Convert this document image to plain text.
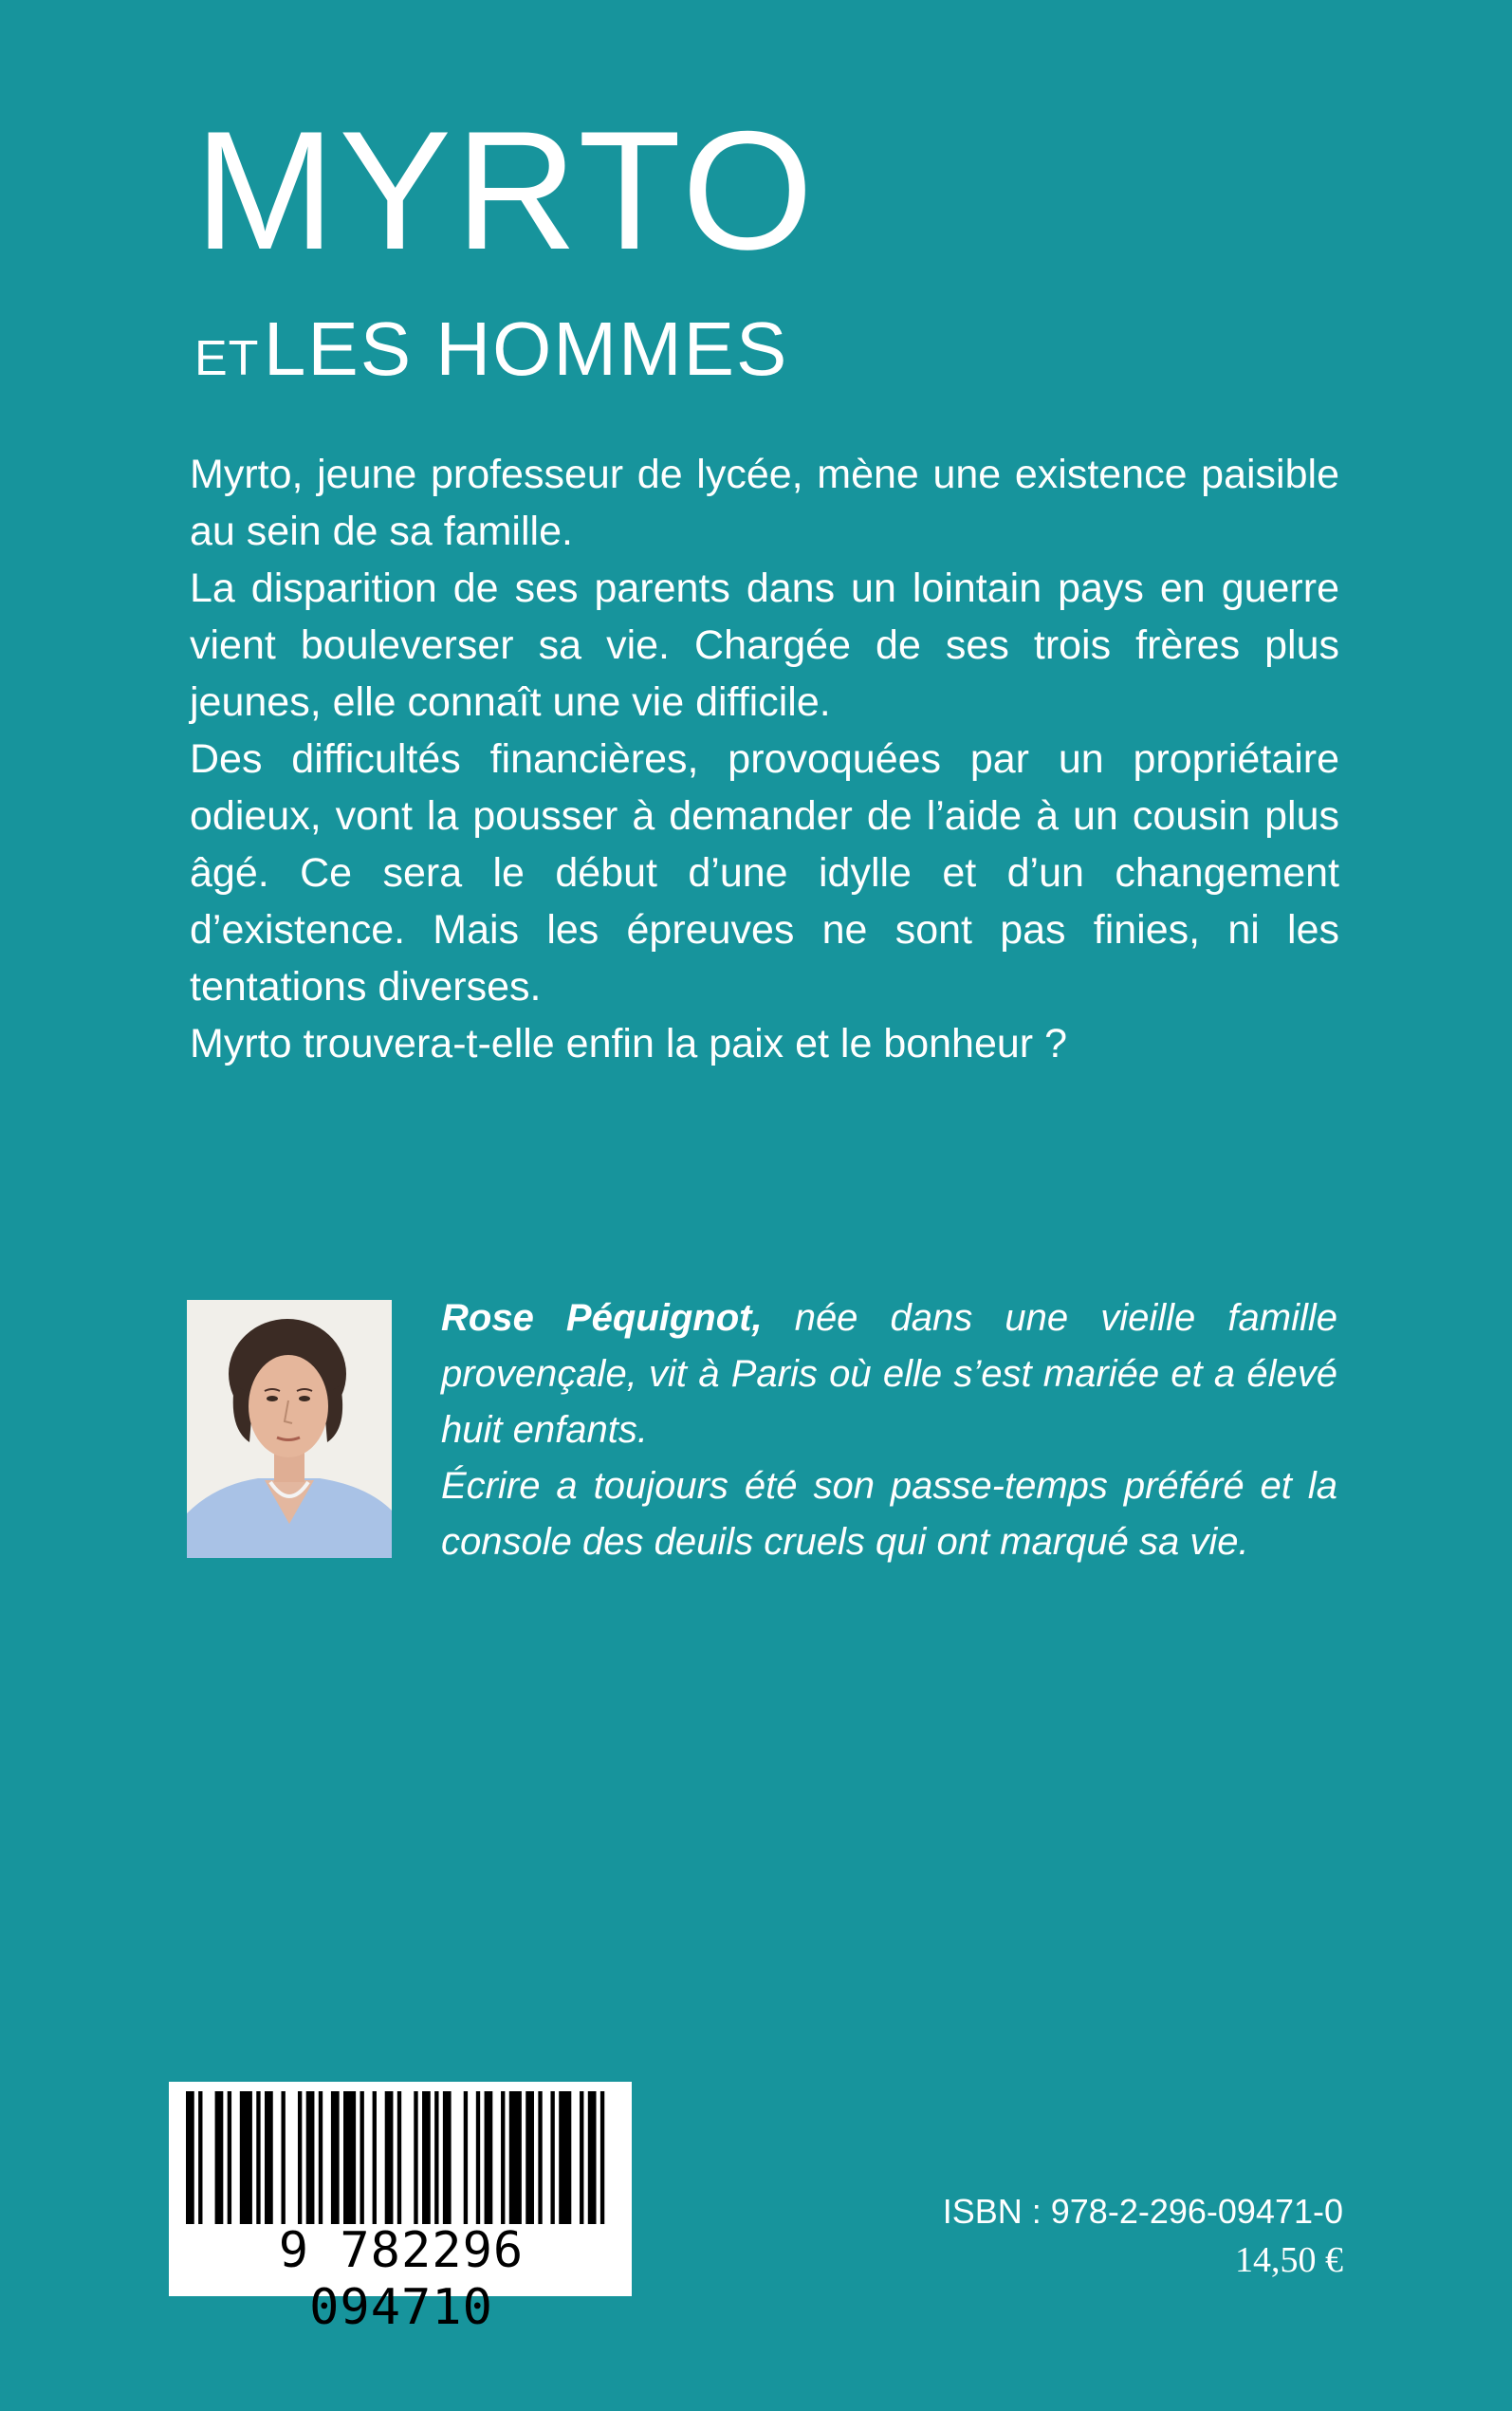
MYRTO
ET LES HOMMES

Myrto, jeune professeur de lycée, mène une existence paisible au sein de sa famille.

La disparition de ses parents dans un lointain pays en guerre vient bouleverser sa vie. Chargée de ses trois frères plus jeunes, elle connaît une vie difficile.

Des difficultés financières, provoquées par un propriétaire odieux, vont la pousser à demander de l’aide à un cousin plus âgé. Ce sera le début d’une idylle et d’un changement d’existence. Mais les épreuves ne sont pas finies, ni les tentations diverses.

Myrto trouvera-t-elle enfin la paix et le bonheur ?

Rose Péquignot, née dans une vieille famille provençale, vit à Paris où elle s’est mariée et a élevé huit enfants.

Écrire a toujours été son passe-temps préféré et la console des deuils cruels qui ont marqué sa vie.

9 782296 094710
ISBN : 978-2-296-09471-0
14,50 €
